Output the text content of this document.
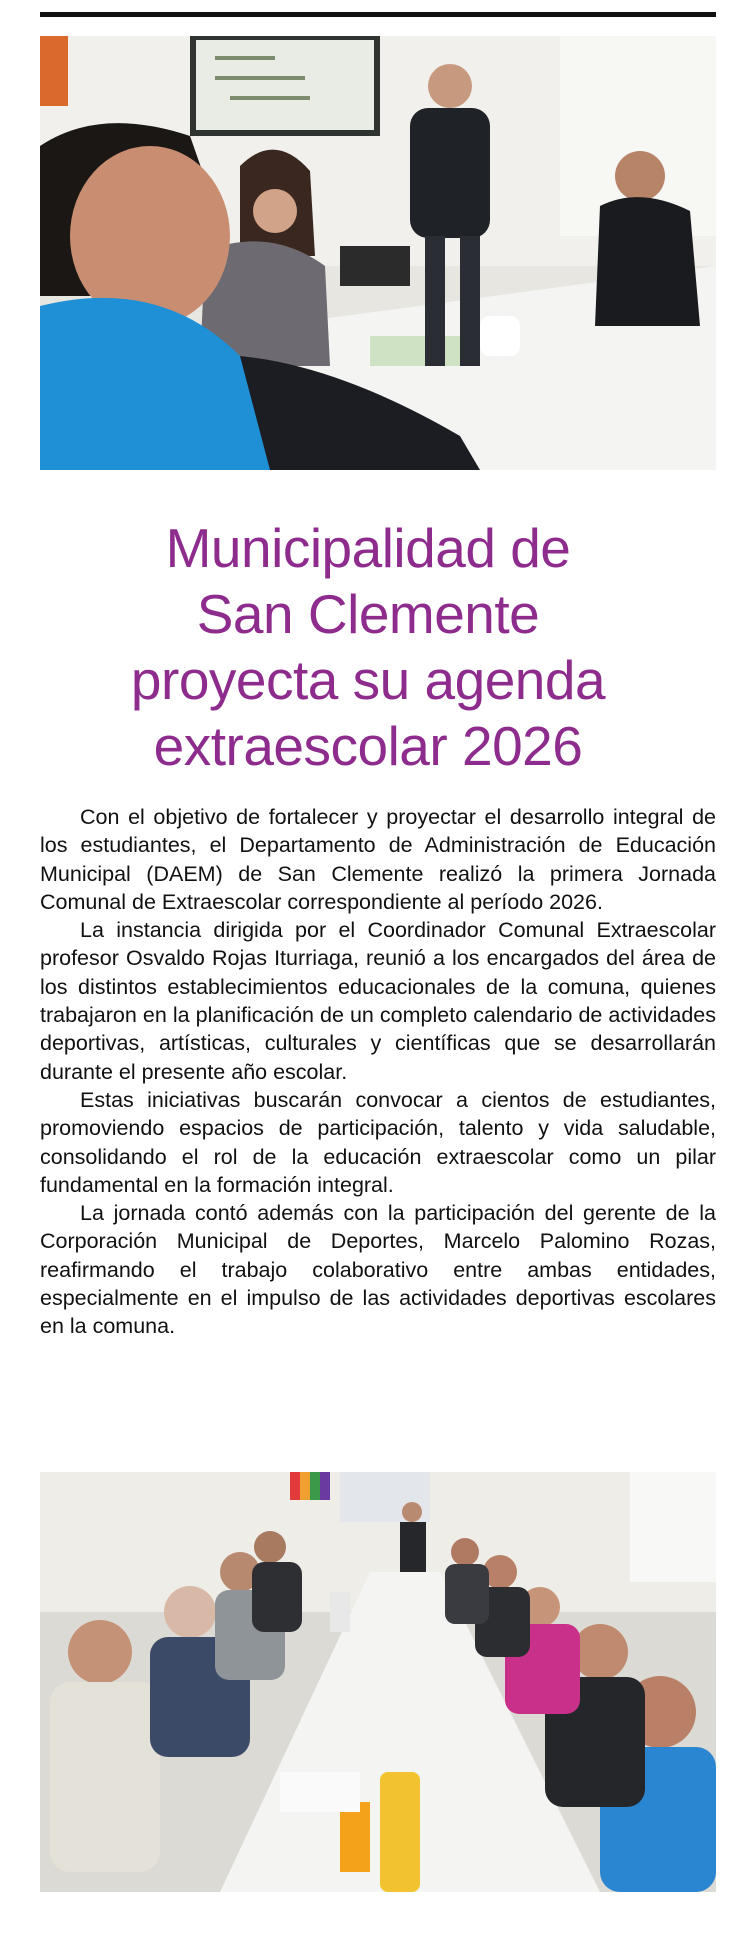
Municipalidad de
San Clemente
proyecta su agenda
extraescolar 2026

Con el objetivo de fortalecer y proyectar el desarrollo integral de los estudiantes, el Departamento de Administración de Educación Municipal (DAEM) de San Clemente realizó la primera Jornada Comunal de Extraescolar correspondiente al período 2026.

La instancia dirigida por el Coordinador Comunal Extraescolar profesor Osvaldo Rojas Iturriaga, reunió a los encargados del área de los distintos establecimientos educacionales de la comuna, quienes trabajaron en la planificación de un completo calendario de actividades deportivas, artísticas, culturales y científicas que se desarrollarán durante el presente año escolar.

Estas iniciativas buscarán convocar a cientos de estudiantes, promoviendo espacios de participación, talento y vida saludable, consolidando el rol de la educación extraescolar como un pilar fundamental en la formación integral.

La jornada contó además con la participación del gerente de la Corporación Municipal de Deportes, Marcelo Palomino Rozas, reafirmando el trabajo colaborativo entre ambas entidades, especialmente en el impulso de las actividades deportivas escolares en la comuna.
